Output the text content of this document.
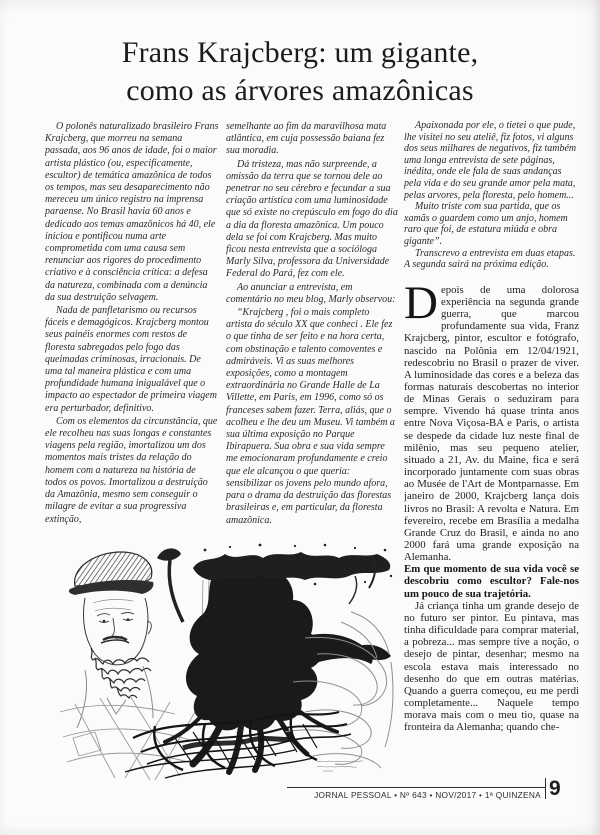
Frans Krajcberg: um gigante,
como as árvores amazônicas

O polonês naturalizado brasileiro Frans Krajcberg, que morreu na semana passada, aos 96 anos de idade, foi o maior artista plástico (ou, especificamente, escultor) de temática amazônica de todos os tempos, mas seu desaparecimento não mereceu um único registro na imprensa paraense. No Brasil havia 60 anos e dedicado aos temas amazônicos há 40, ele iniciou e pontificou numa arte comprometida com uma causa sem renunciar aos rigores do procedimento criativo e à consciência crítica: a defesa da natureza, combinada com a denúncia da sua destruição selvagem.

Nada de panfletarismo ou recursos fáceis e demagógicos. Krajcberg montou seus painéis enormes com restos de floresta sabregados pelo fogo das queimadas criminosas, irracionais. De uma tal maneira plástica e com uma profundidade humana inigualável que o impacto ao espectador de primeira viagem era perturbador, definitivo.

Com os elementos da circunstância, que ele recolheu nas suas longas e constantes viagens pela região, imortalizou um dos momentos mais tristes da relação do homem com a natureza na história de todos os povos. Imortalizou a destruição da Amazônia, mesmo sem conseguir o milagre de evitar a sua progressiva extinção,

semelhante ao fim da maravilhosa mata atlântica, em cuja possessão baiana fez sua moradia.

Dá tristeza, mas não surpreende, a omissão da terra que se tornou dele ao penetrar no seu cérebro e fecundar a sua criação artística com uma luminosidade que só existe no crepúsculo em fogo do dia a dia da floresta amazônica. Um pouco dela se foi com Krajcberg. Mas muito ficou nesta entrevista que a socióloga Marly Silva, professora da Universidade Federal do Pará, fez com ele.

Ao anunciar a entrevista, em comentário no meu blog, Marly observou:

“Krajcberg , foi o mais completo artista do século XX que conheci . Ele fez o que tinha de ser feito e na hora certa, com obstinação e talento comoventes e admiráveis. Vi as suas melhores exposições, como a montagem extraordinária no Grande Halle de La Villette, em Paris, em 1996, como só os franceses sabem fazer. Terra, aliás, que o acolheu e lhe deu um Museu. Vi também a sua última exposição no Parque Ibirapuera. Sua obra e sua vida sempre me emocionaram profundamente e creio que ele alcançou o que queria: sensibilizar os jovens pelo mundo afora, para o drama da destruição das florestas brasileiras e, em particular, da floresta amazônica.

Apaixonada por ele, o tietei o que pude, lhe visitei no seu ateliê, fiz fotos, vi alguns dos seus milhares de negativos, fiz também uma longa entrevista de sete páginas, inédita, onde ele fala de suas andanças pela vida e do seu grande amor pela mata, pelas arvores, pela floresta, pelo homem...

Muito triste com sua partida, que os xamãs o guardem como um anjo, homem raro que foi, de estatura miúda e obra gigante”.

Transcrevo a entrevista em duas etapas. A segunda sairá na próxima edição.

Depois de uma dolorosa experiência na segunda grande guerra, que marcou profundamente sua vida, Franz Krajcberg, pintor, escultor e fotógrafo, nascido na Polônia em 12/04/1921, redescobriu no Brasil o prazer de viver. A luminosidade das cores e a beleza das formas naturais descobertas no interior de Minas Gerais o seduziram para sempre. Vivendo há quase trinta anos entre Nova Viçosa-BA e Paris, o artista se despede da cidade luz neste final de milênio, mas seu pequeno atelier, situado a 21, Av. du Maine, fica e será incorporado juntamente com suas obras ao Musée de l'Art de Montparnasse. Em janeiro de 2000, Krajcberg lança dois livros no Brasil: A revolta e Natura. Em fevereiro, recebe em Brasília a medalha Grande Cruz do Brasil, e ainda no ano 2000 fará uma grande exposição na Alemanha.

Em que momento de sua vida você se descobriu como escultor? Fale-nos um pouco de sua trajetória.

Já criança tinha um grande desejo de no futuro ser pintor. Eu pintava, mas tinha dificuldade para comprar material, a pobreza... mas sempre tive a noção, o desejo de pintar, desenhar; mesmo na escola estava mais interessado no desenho do que em outras matérias. Quando a guerra começou, eu me perdi completamente... Naquele tempo morava mais com o meu tio, quase na fronteira da Alemanha; quando che-

JORNAL PESSOAL • Nº 643 • NOV/2017 • 1ª QUINZENA 9
